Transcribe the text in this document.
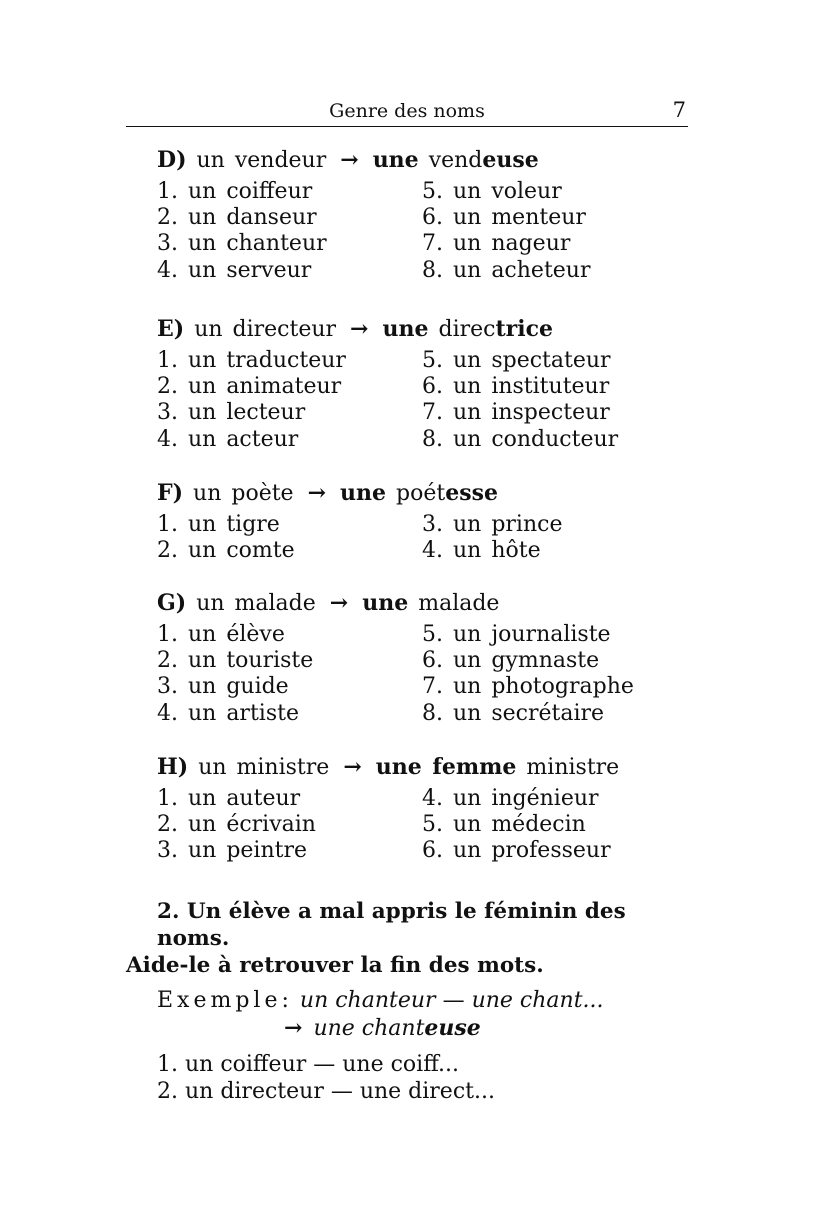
Genre des noms	7
D) un vendeur → une vendeuse
1. un coiffeur
2. un danseur
3. un chanteur
4. un serveur
5. un voleur
6. un menteur
7. un nageur
8. un acheteur
E) un directeur → une directrice
1. un traducteur
2. un animateur
3. un lecteur
4. un acteur
5. un spectateur
6. un instituteur
7. un inspecteur
8. un conducteur
F) un poète → une poétesse
1. un tigre
2. un comte
3. un prince
4. un hôte
G) un malade → une malade
1. un élève
2. un touriste
3. un guide
4. un artiste
5. un journaliste
6. un gymnaste
7. un photographe
8. un secrétaire
H) un ministre → une femme ministre
1. un auteur
2. un écrivain
3. un peintre
4. un ingénieur
5. un médecin
6. un professeur
2. Un élève a mal appris le féminin des noms.
Aide-le à retrouver la fin des mots.
Exemple: un chanteur — une chant...
→ une chanteuse
1. un coiffeur — une coiff...
2. un directeur — une direct...
